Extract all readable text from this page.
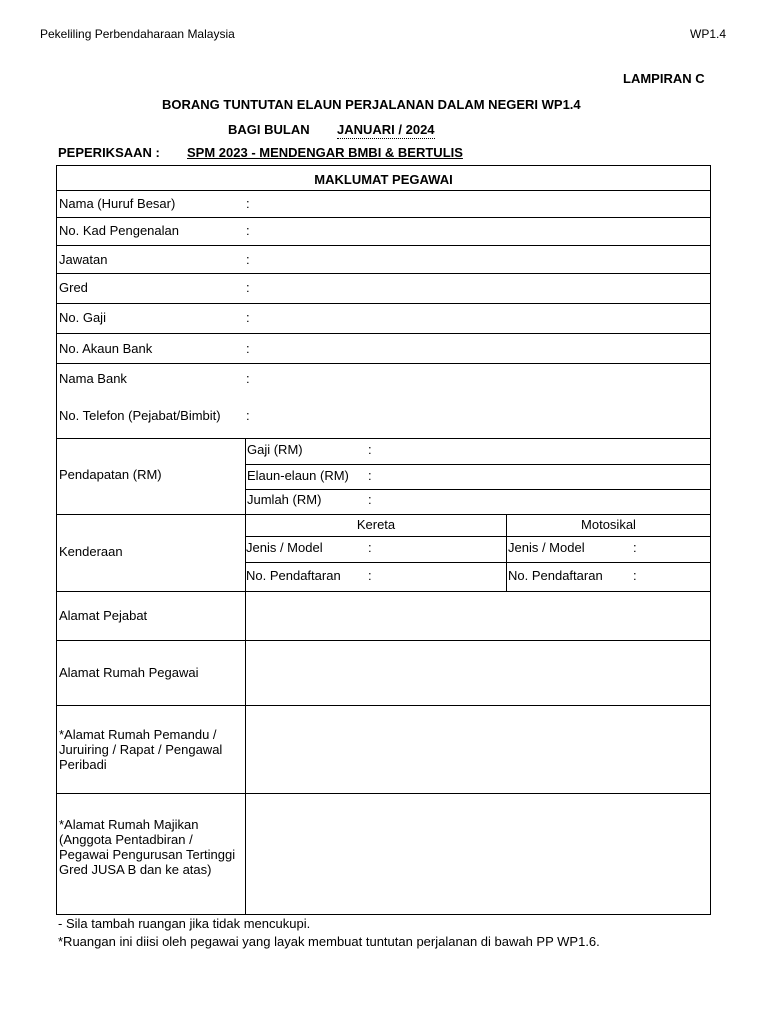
Pekeliling Perbendaharaan Malaysia	WP1.4
LAMPIRAN C
BORANG TUNTUTAN ELAUN PERJALANAN DALAM NEGERI WP1.4
BAGI BULAN JANUARI / 2024
PEPERIKSAAN : SPM 2023 - MENDENGAR BMBI & BERTULIS
MAKLUMAT PEGAWAI
Nama (Huruf Besar)	:
No. Kad Pengenalan	:
Jawatan	:
Gred	:
No. Gaji	:
No. Akaun Bank	:
Nama Bank	:
No. Telefon (Pejabat/Bimbit) :
Pendapatan (RM)
Gaji (RM)	:
Elaun-elaun (RM) :
Jumlah (RM)	:
Kenderaan
Kereta	Motosikal
Jenis / Model	:	Jenis / Model	:
No. Pendaftaran :	No. Pendaftaran :
Alamat Pejabat
Alamat Rumah Pegawai
*Alamat Rumah Pemandu / Juruiring / Rapat / Pengawal Peribadi
*Alamat Rumah Majikan (Anggota Pentadbiran / Pegawai Pengurusan Tertinggi Gred JUSA B dan ke atas)
- Sila tambah ruangan jika tidak mencukupi.
*Ruangan ini diisi oleh pegawai yang layak membuat tuntutan perjalanan di bawah PP WP1.6.
